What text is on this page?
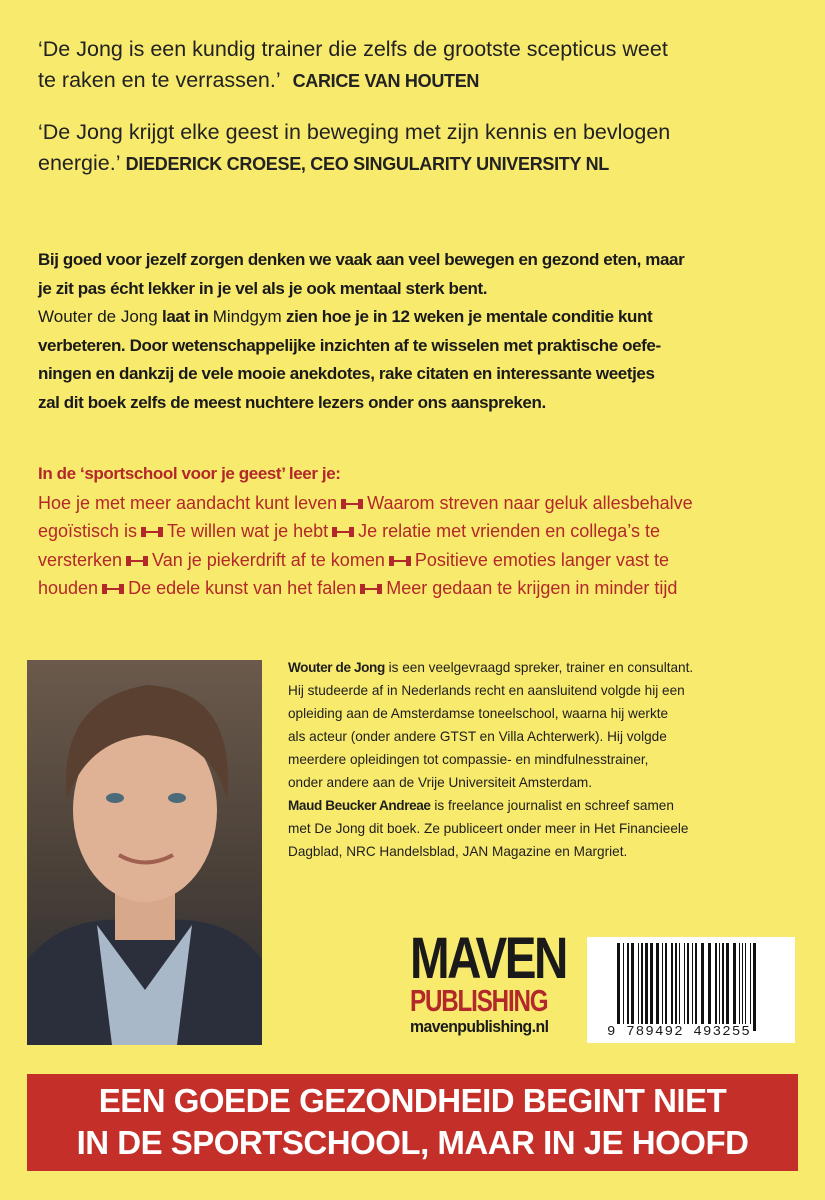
‘De Jong is een kundig trainer die zelfs de grootste scepticus weet
te raken en te verrassen.’ CARICE VAN HOUTEN
‘De Jong krijgt elke geest in beweging met zijn kennis en bevlogen
energie.’ DIEDERICK CROESE, CEO SINGULARITY UNIVERSITY NL
Bij goed voor jezelf zorgen denken we vaak aan veel bewegen en gezond eten, maar
je zit pas écht lekker in je vel als je ook mentaal sterk bent.
Wouter de Jong laat in Mindgym zien hoe je in 12 weken je mentale conditie kunt
verbeteren. Door wetenschappelijke inzichten af te wisselen met praktische oefe-
ningen en dankzij de vele mooie anekdotes, rake citaten en interessante weetjes
zal dit boek zelfs de meest nuchtere lezers onder ons aanspreken.
In de ‘sportschool voor je geest’ leer je:
Hoe je met meer aandacht kunt leven Waarom streven naar geluk allesbehalve
egoïstisch is Te willen wat je hebt Je relatie met vrienden en collega’s te
versterken Van je piekerdrift af te komen Positieve emoties langer vast te
houden De edele kunst van het falen Meer gedaan te krijgen in minder tijd
Wouter de Jong is een veelgevraagd spreker, trainer en consultant.
Hij studeerde af in Nederlands recht en aansluitend volgde hij een
opleiding aan de Amsterdamse toneelschool, waarna hij werkte
als acteur (onder andere GTST en Villa Achterwerk). Hij volgde
meerdere opleidingen tot compassie- en mindfulnesstrainer,
onder andere aan de Vrije Universiteit Amsterdam.
Maud Beucker Andreae is freelance journalist en schreef samen
met De Jong dit boek. Ze publiceert onder meer in Het Financieele
Dagblad, NRC Handelsblad, JAN Magazine en Margriet.
MAVEN
PUBLISHING
mavenpublishing.nl	9 789492 493255
EEN GOEDE GEZONDHEID BEGINT NIET
IN DE SPORTSCHOOL, MAAR IN JE HOOFD
